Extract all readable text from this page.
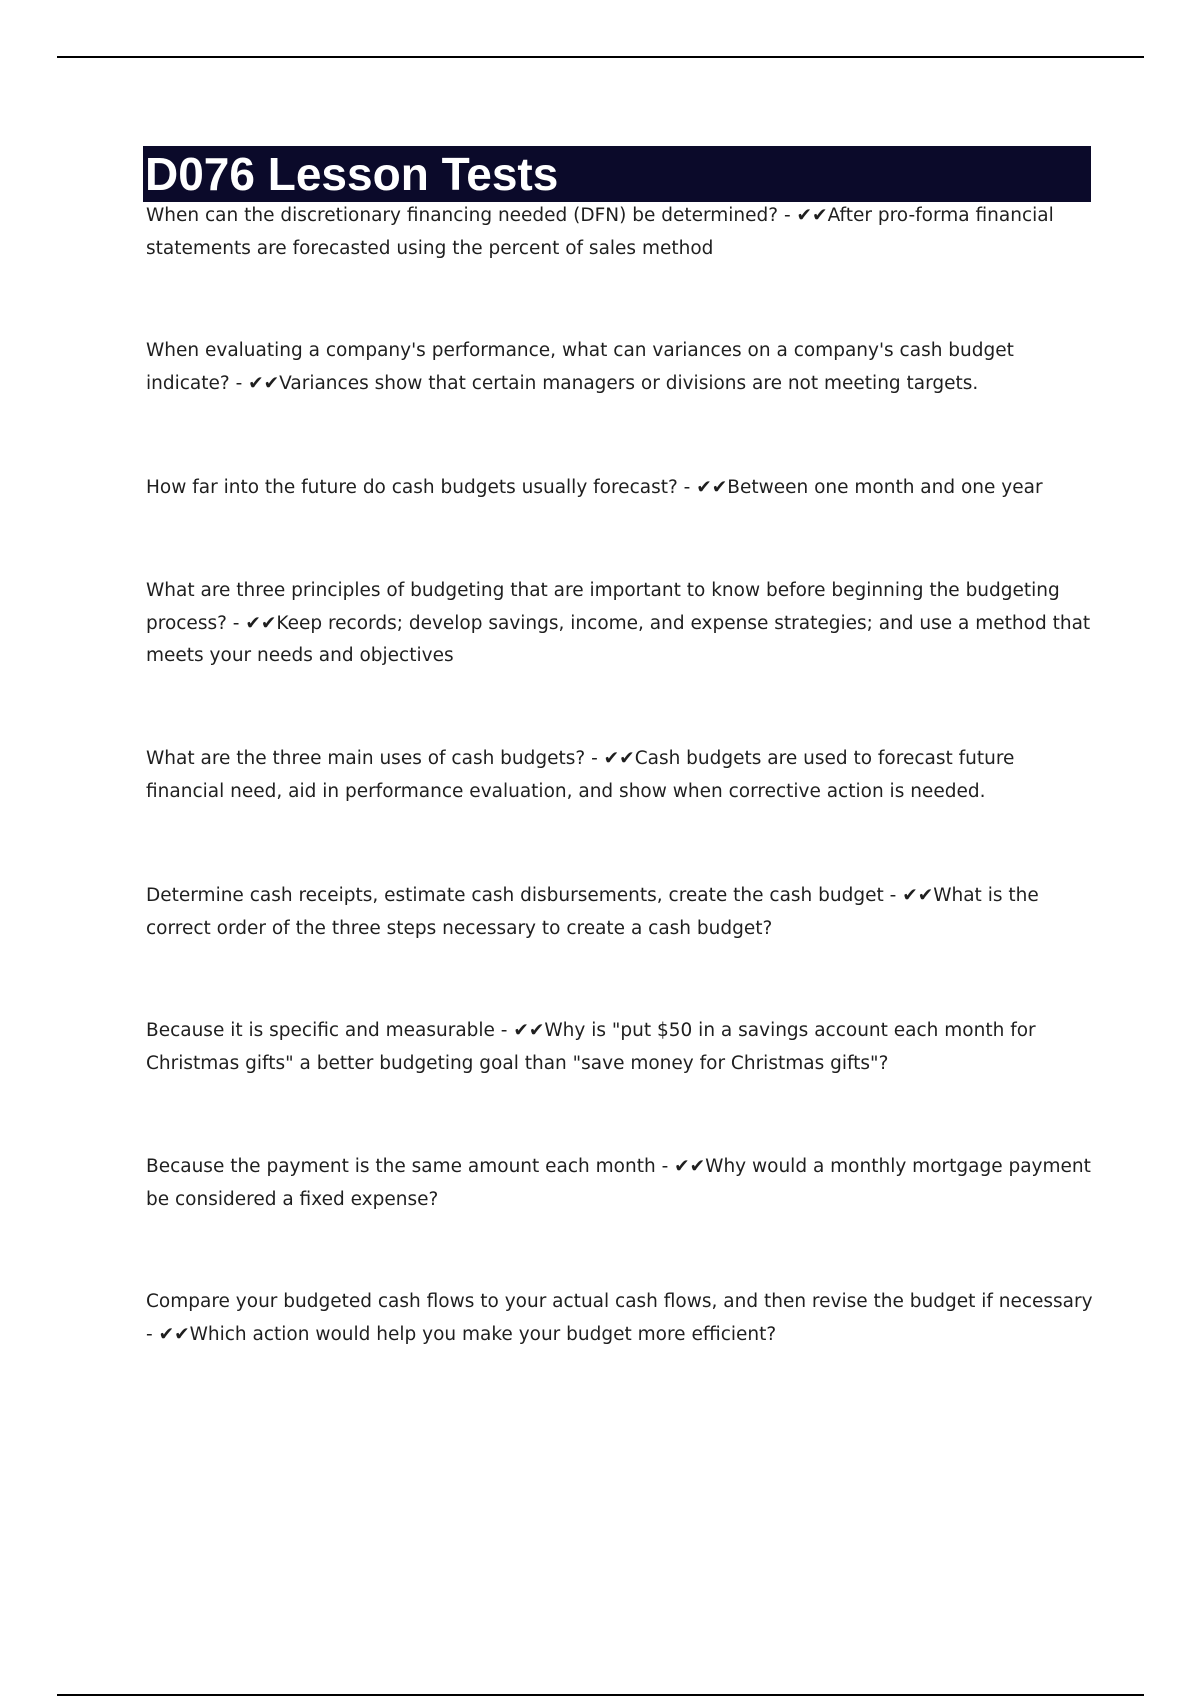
D076 Lesson Tests

When can the discretionary financing needed (DFN) be determined? - ✔✔After pro-forma financial statements are forecasted using the percent of sales method

When evaluating a company's performance, what can variances on a company's cash budget indicate? - ✔✔Variances show that certain managers or divisions are not meeting targets.

How far into the future do cash budgets usually forecast? - ✔✔Between one month and one year

What are three principles of budgeting that are important to know before beginning the budgeting process? - ✔✔Keep records; develop savings, income, and expense strategies; and use a method that meets your needs and objectives

What are the three main uses of cash budgets? - ✔✔Cash budgets are used to forecast future financial need, aid in performance evaluation, and show when corrective action is needed.

Determine cash receipts, estimate cash disbursements, create the cash budget - ✔✔What is the correct order of the three steps necessary to create a cash budget?

Because it is specific and measurable - ✔✔Why is "put $50 in a savings account each month for Christmas gifts" a better budgeting goal than "save money for Christmas gifts"?

Because the payment is the same amount each month - ✔✔Why would a monthly mortgage payment be considered a fixed expense?

Compare your budgeted cash flows to your actual cash flows, and then revise the budget if necessary - ✔✔Which action would help you make your budget more efficient?
